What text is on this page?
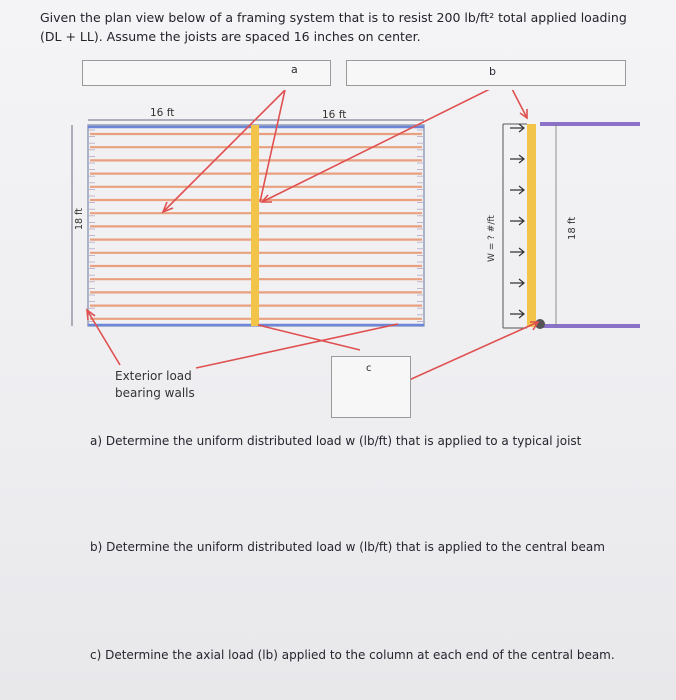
Given the plan view below of a framing system that is to resist 200 lb/ft² total applied loading
(DL + LL). Assume the joists are spaced 16 inches on center.
a	b
16 ft	16 ft
18 ft	W = ? #/ft	18 ft
c
Exterior load
bearing walls
a) Determine the uniform distributed load w (lb/ft) that is applied to a typical joist
b) Determine the uniform distributed load w (lb/ft) that is applied to the central beam
c) Determine the axial load (lb) applied to the column at each end of the central beam.
